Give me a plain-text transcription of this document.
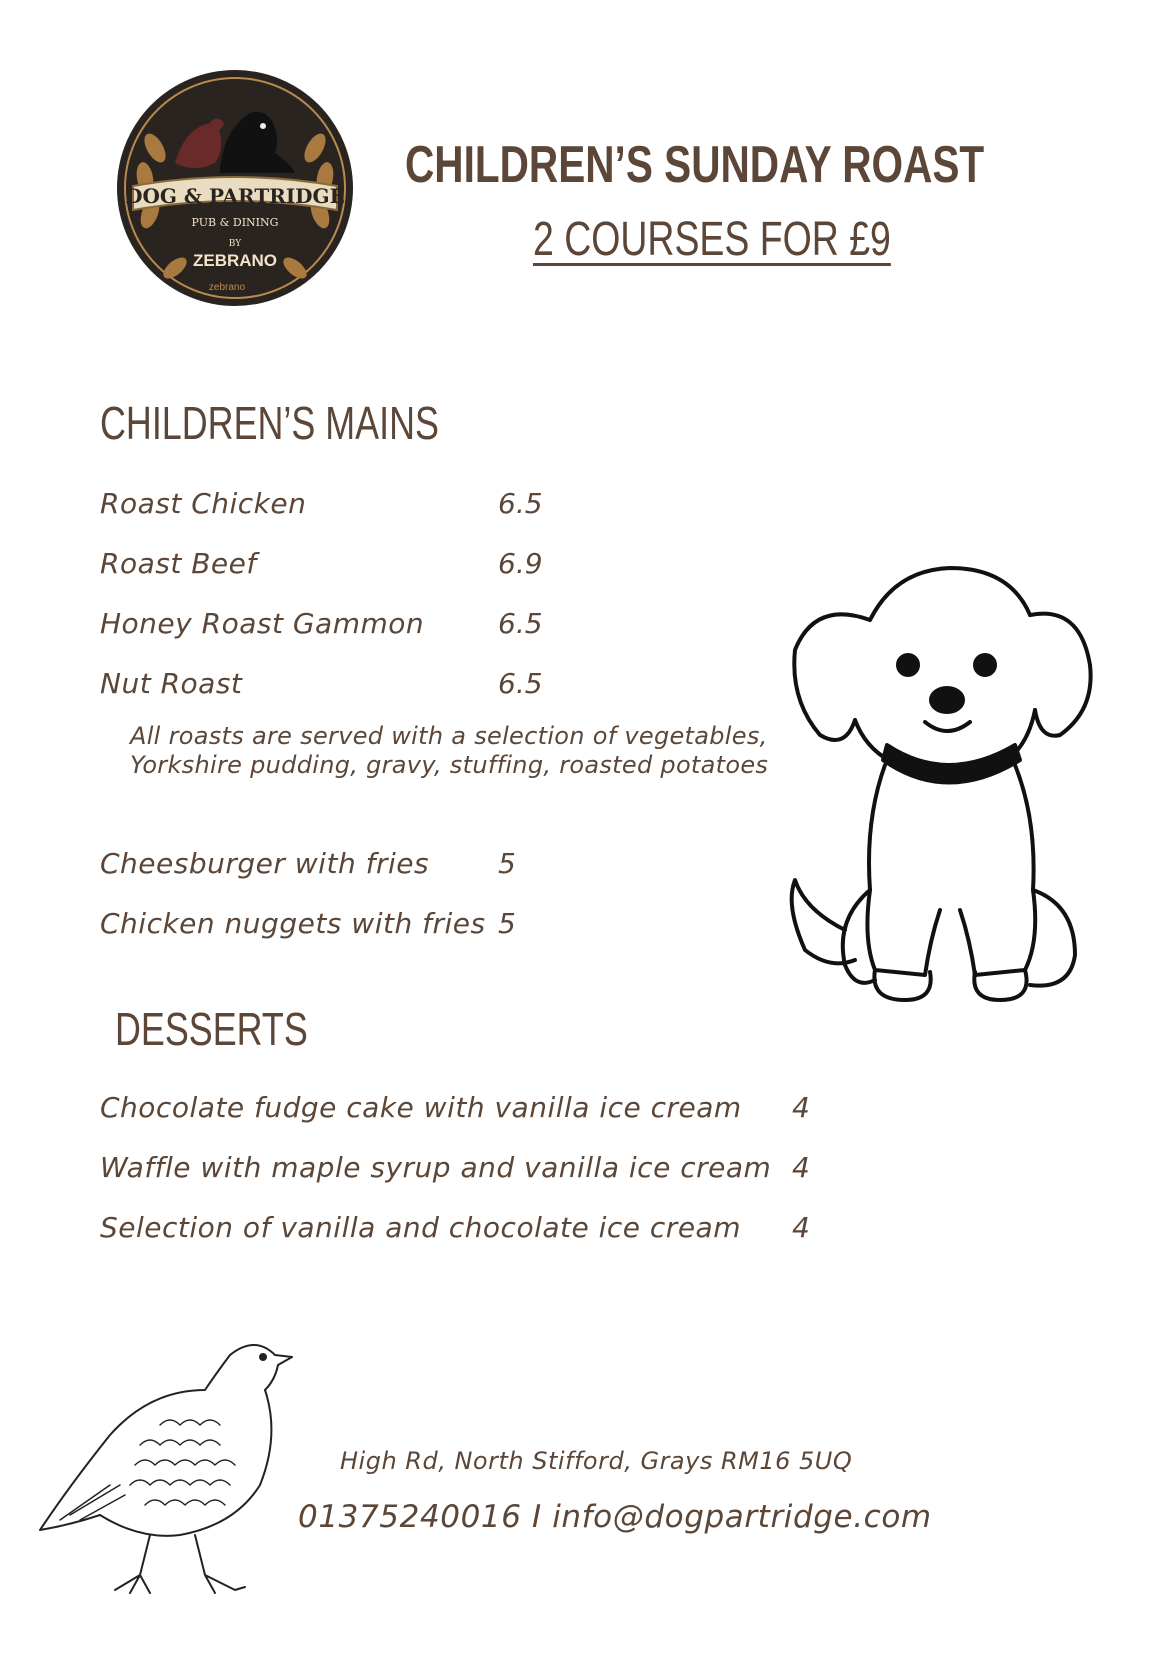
DOG & PARTRIDGE
PUB & DINING
BY
ZEBRANO
zebrano
CHILDREN’S SUNDAY ROAST
2 COURSES FOR £9
CHILDREN’S MAINS
Roast Chicken	6.5
Roast Beef	6.9
Honey Roast Gammon	6.5
Nut Roast	6.5
All roasts are served with a selection of vegetables,
Yorkshire pudding, gravy, stuffing, roasted potatoes
Cheesburger with fries 5
Chicken nuggets with fries 5
DESSERTS
Chocolate fudge cake with vanilla ice cream 4
Waffle with maple syrup and vanilla ice cream 4
Selection of vanilla and chocolate ice cream 4
High Rd, North Stifford, Grays RM16 5UQ
01375240016 I info@dogpartridge.com
